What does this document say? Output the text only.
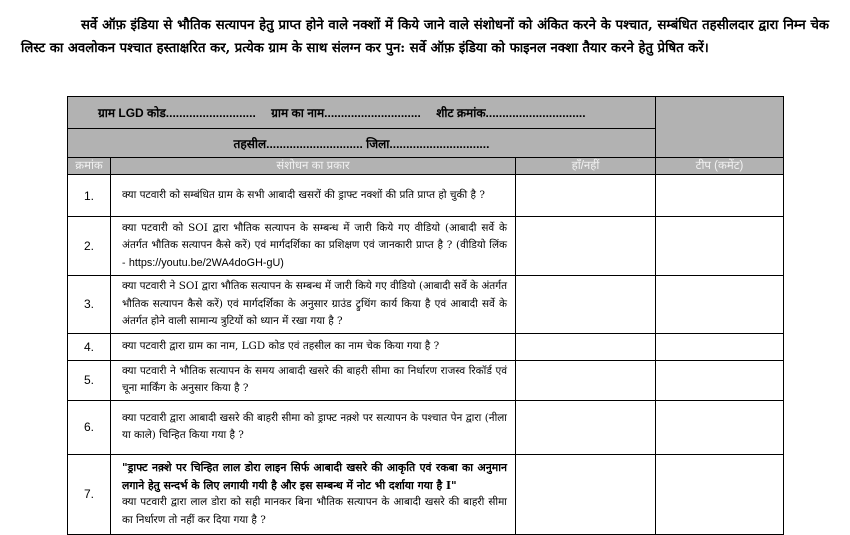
सर्वे ऑफ़ इंडिया से भौतिक सत्यापन हेतु प्राप्त होने वाले नक्शों में किये जाने वाले संशोधनों को अंकित करने के पश्चात, सम्बंधित तहसीलदार द्वारा निम्न चेक लिस्ट का अवलोकन पश्चात हस्ताक्षरित कर, प्रत्येक ग्राम के साथ संलग्न कर पुन: सर्वे ऑफ़ इंडिया को फाइनल नक्शा तैयार करने हेतु प्रेषित करें।
ग्राम LGD कोड........................... ग्राम का नाम............................. शीट क्रमांक..............................			

तहसील............................. जिला..............................			
क्रमांक	संशोधन का प्रकार	हाँ/नहीं	टीप (कमेंट)
1.	क्या पटवारी को सम्बंधित ग्राम के सभी आबादी खसरों की ड्राफ्ट नक्शों की प्रति प्राप्त हो चुकी है ?		
2.	क्या पटवारी को SOI द्वारा भौतिक सत्यापन के सम्बन्ध में जारी किये गए वीडियो (आबादी सर्वे के अंतर्गत भौतिक सत्यापन कैसे करें) एवं मार्गदर्शिका का प्रशिक्षण एवं जानकारी प्राप्त है ? (वीडियो लिंक - https://youtu.be/2WA4doGH-gU)		
3.	क्या पटवारी ने SOI द्वारा भौतिक सत्यापन के सम्बन्ध में जारी किये गए वीडियो (आबादी सर्वे के अंतर्गत भौतिक सत्यापन कैसे करें) एवं मार्गदर्शिका के अनुसार ग्राउंड ट्रुथिंग कार्य किया है एवं आबादी सर्वे के अंतर्गत होने वाली सामान्य त्रुटियों को ध्यान में रखा गया है ?		
4.	क्या पटवारी द्वारा ग्राम का नाम, LGD कोड एवं तहसील का नाम चेक किया गया है ?		
5.	क्या पटवारी ने भौतिक सत्यापन के समय आबादी खसरे की बाहरी सीमा का निर्धारण राजस्व रिकॉर्ड एवं चूना मार्किंग के अनुसार किया है ?		
6.	क्या पटवारी द्वारा आबादी खसरे की बाहरी सीमा को ड्राफ्ट नक़्शे पर सत्यापन के पश्चात पेन द्वारा (नीला या काले) चिन्हित किया गया है ?		
7.	"ड्राफ्ट नक़्शे पर चिन्हित लाल डोरा लाइन सिर्फ आबादी खसरे की आकृति एवं रकबा का अनुमान लगाने हेतु सन्दर्भ के लिए लगायी गयी है और इस सम्बन्ध में नोट भी दर्शाया गया है I"
क्या पटवारी द्वारा लाल डोरा को सही मानकर बिना भौतिक सत्यापन के आबादी खसरे की बाहरी सीमा का निर्धारण तो नहीं कर दिया गया है ?		
